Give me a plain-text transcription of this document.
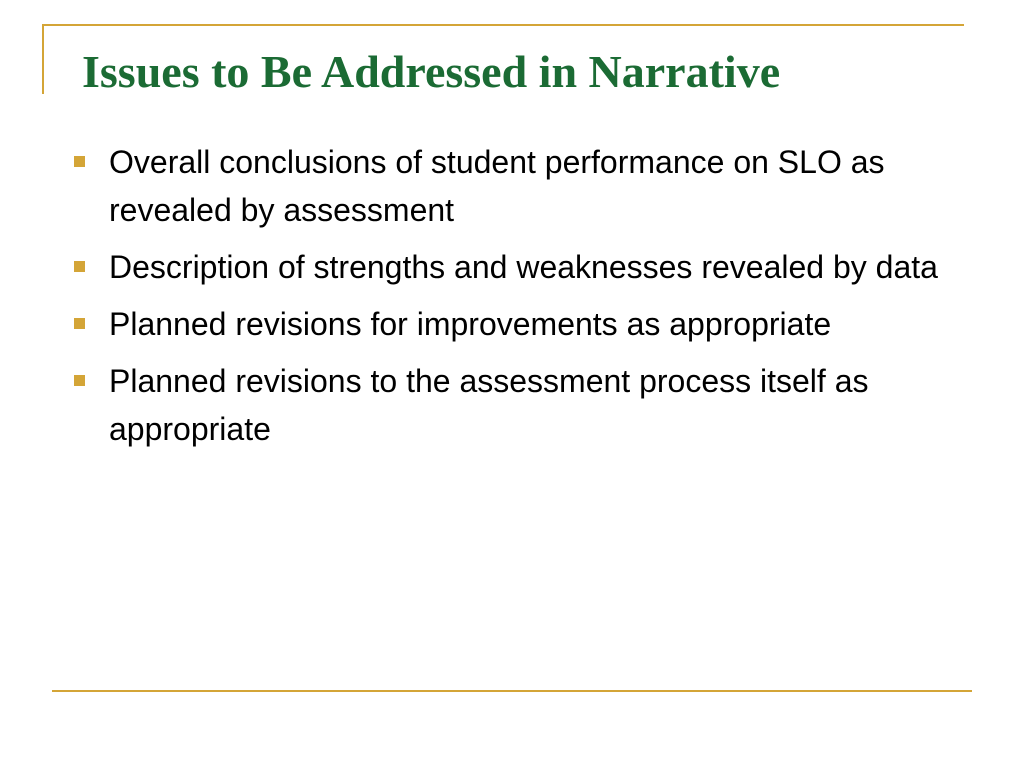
Issues to Be Addressed in Narrative
Overall conclusions of student performance on SLO as revealed by assessment
Description of strengths and weaknesses revealed by data
Planned revisions for improvements as appropriate
Planned revisions to the assessment process itself as appropriate
